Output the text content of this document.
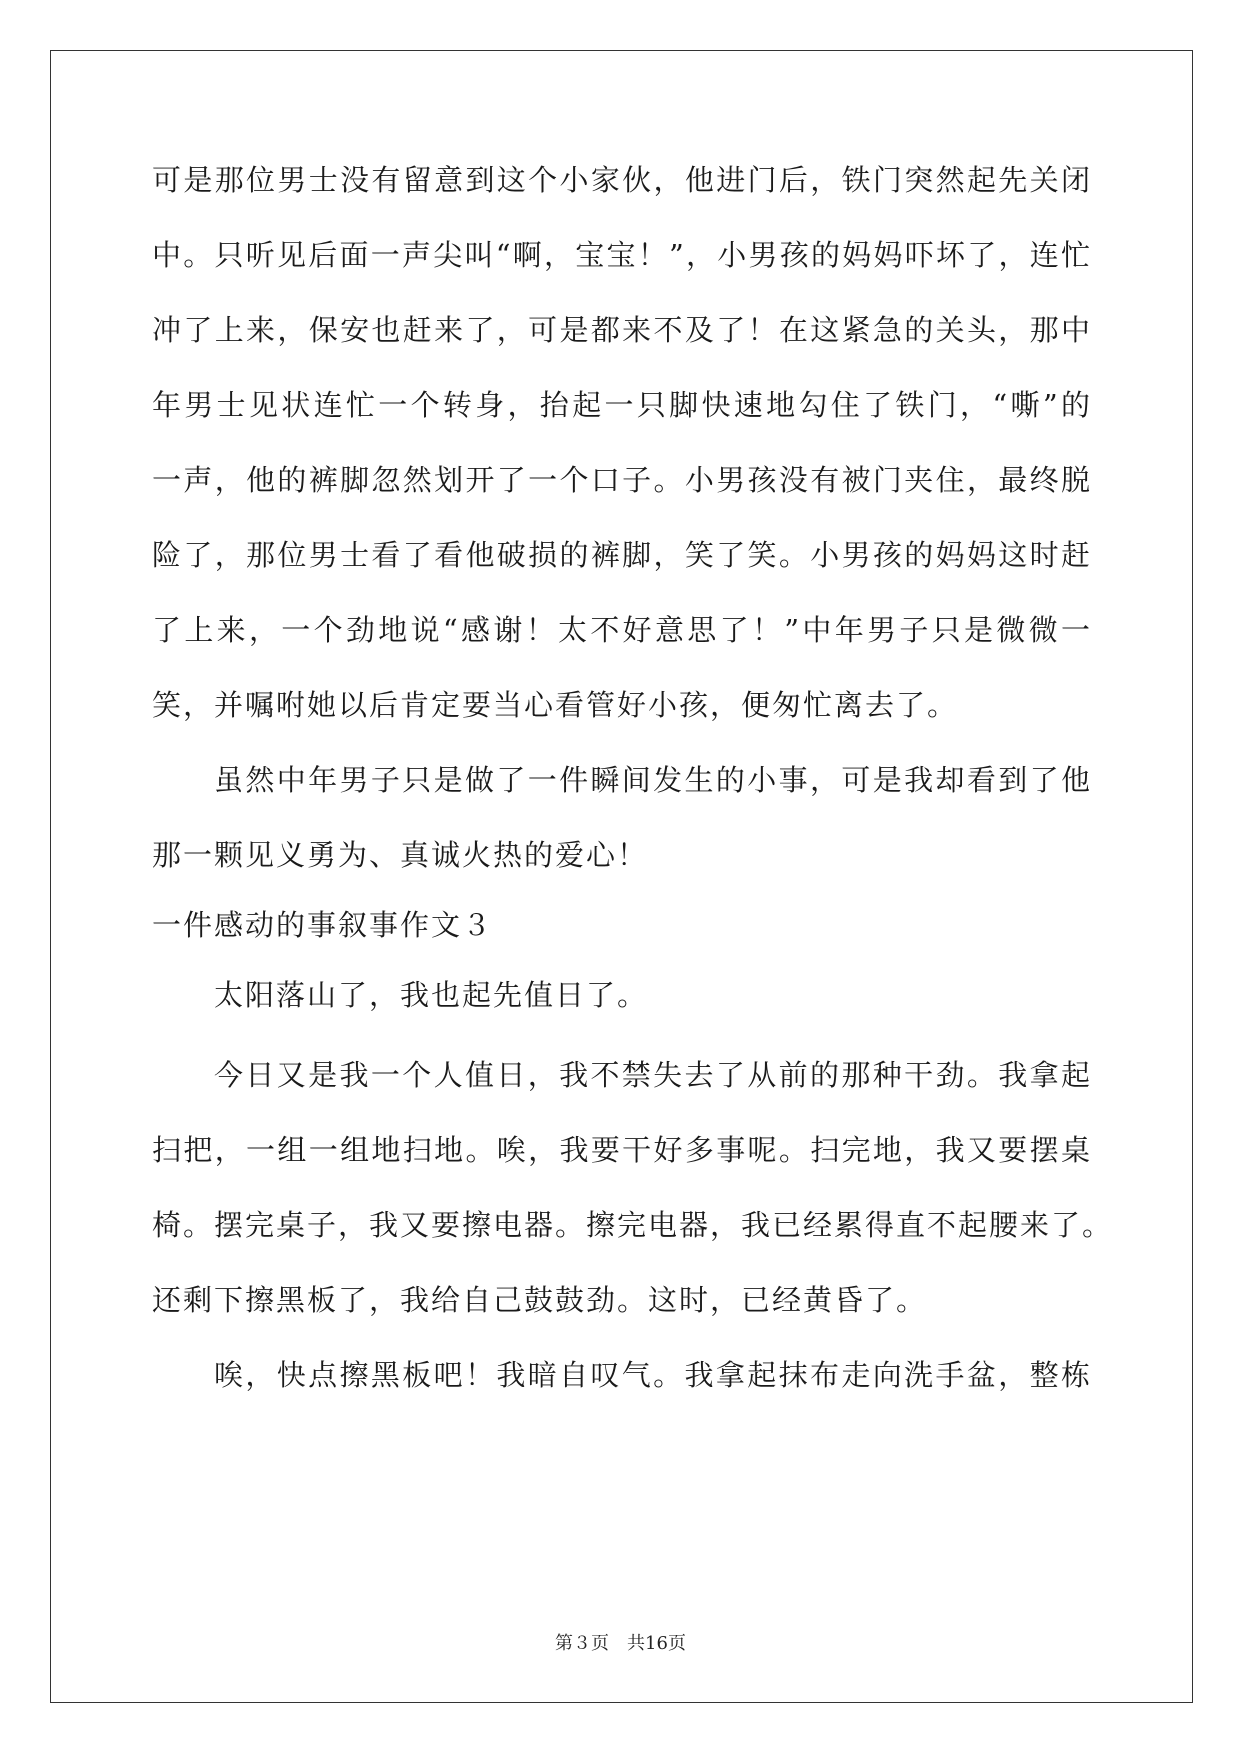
可是那位男士没有留意到这个小家伙，他进门后，铁门突然起先关闭
中。只听见后面一声尖叫“啊，宝宝！”，小男孩的妈妈吓坏了，连忙
冲了上来，保安也赶来了，可是都来不及了！在这紧急的关头，那中
年男士见状连忙一个转身，抬起一只脚快速地勾住了铁门，“嘶”的
一声，他的裤脚忽然划开了一个口子。小男孩没有被门夹住，最终脱
险了，那位男士看了看他破损的裤脚，笑了笑。小男孩的妈妈这时赶
了上来，一个劲地说“感谢！太不好意思了！”中年男子只是微微一
笑，并嘱咐她以后肯定要当心看管好小孩，便匆忙离去了。
虽然中年男子只是做了一件瞬间发生的小事，可是我却看到了他
那一颗见义勇为、真诚火热的爱心！
一件感动的事叙事作文３
太阳落山了，我也起先值日了。
今日又是我一个人值日，我不禁失去了从前的那种干劲。我拿起
扫把，一组一组地扫地。唉，我要干好多事呢。扫完地，我又要摆桌
椅。摆完桌子，我又要擦电器。擦完电器，我已经累得直不起腰来了。
还剩下擦黑板了，我给自己鼓鼓劲。这时，已经黄昏了。
唉，快点擦黑板吧！我暗自叹气。我拿起抹布走向洗手盆，整栋
第３页 共16页
